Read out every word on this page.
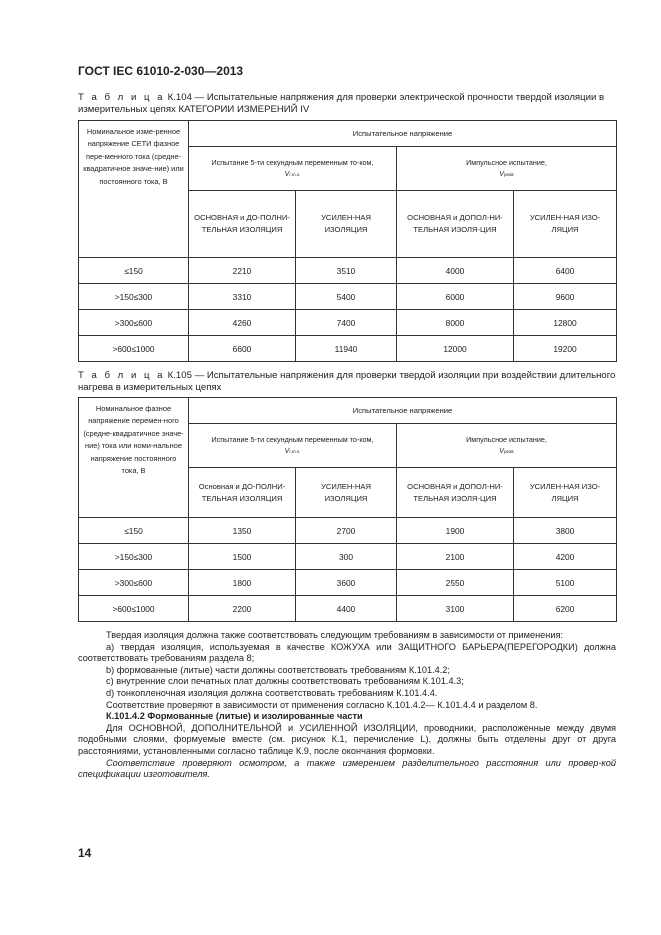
ГОСТ IEC 61010-2-030—2013
Т а б л и ц а К.104 — Испытательные напряжения для проверки электрической прочности твердой изоляции в измерительных цепях КАТЕГОРИИ ИЗМЕРЕНИЙ IV
Номинальное изме-ренное напряжение СЕТИ фазное пере-менного тока (средне-квадратичное значе-ние) или постоянного тока, В	Испытательное напряжение			
	Испытание 5-ти секундным переменным то-ком,
Vr.m.s.		Импульсное испытание,
Vpeak	
	ОСНОВНАЯ и ДО-ПОЛНИ-ТЕЛЬНАЯ ИЗОЛЯЦИЯ	УСИЛЕН-НАЯ ИЗОЛЯЦИЯ	ОСНОВНАЯ и ДОПОЛ-НИ-ТЕЛЬНАЯ ИЗОЛЯ-ЦИЯ	УСИЛЕН-НАЯ ИЗО-ЛЯЦИЯ
≤150	2210	3510	4000	6400
>150≤300	3310	5400	6000	9600
>300≤600	4260	7400	8000	12800
>600≤1000	6600	11940	12000	19200
Т а б л и ц а К.105 — Испытательные напряжения для проверки твердой изоляции при воздействии длительного нагрева в измерительных цепях
Номинальное фазное напряжение перемен-ного (средне-квадратичное значе-ние) тока или номи-нальное напряжение постоянного тока, В	Испытательное напряжение			
	Испытание 5-ти секундным переменным то-ком,
Vr.m.s.		Импульсное испытание,
Vpeak	
	Основная и ДО-ПОЛНИ-ТЕЛЬНАЯ ИЗОЛЯЦИЯ	УСИЛЕН-НАЯ ИЗОЛЯЦИЯ	ОСНОВНАЯ и ДОПОЛ-НИ-ТЕЛЬНАЯ ИЗОЛЯ-ЦИЯ	УСИЛЕН-НАЯ ИЗО-ЛЯЦИЯ
≤150	1350	2700	1900	3800
>150≤300	1500	300	2100	4200
>300≤600	1800	3600	2550	5100
>600≤1000	2200	4400	3100	6200

Твердая изоляция должна также соответствовать следующим требованиям в зависимости от применения:

a) твердая изоляция, используемая в качестве КОЖУХА или ЗАЩИТНОГО БАРЬЕРА(ПЕРЕГОРОДКИ) должна соответствовать требованиям раздела 8;

b) формованные (литые) части должны соответствовать требованиям К.101.4.2;

c) внутренние слои печатных плат должны соответствовать требованиям К.101.4.3;

d) тонкопленочная изоляция должна соответствовать требованиям К.101.4.4.

Соответствие проверяют в зависимости от применения согласно К.101.4.2— К.101.4.4 и разделом 8.

К.101.4.2 Формованные (литые) и изолированные части

Для ОСНОВНОЙ, ДОПОЛНИТЕЛЬНОЙ и УСИЛЕННОЙ ИЗОЛЯЦИИ, проводники, расположенные между двумя подобными слоями, формуемые вместе (см. рисунок К.1, перечисление L), должны быть отделены друг от друга расстояниями, установленными согласно таблице К.9, после окончания формовки.

Соответствие проверяют осмотром, а также измерением разделительного расстояния или провер-кой спецификации изготовителя.

14
